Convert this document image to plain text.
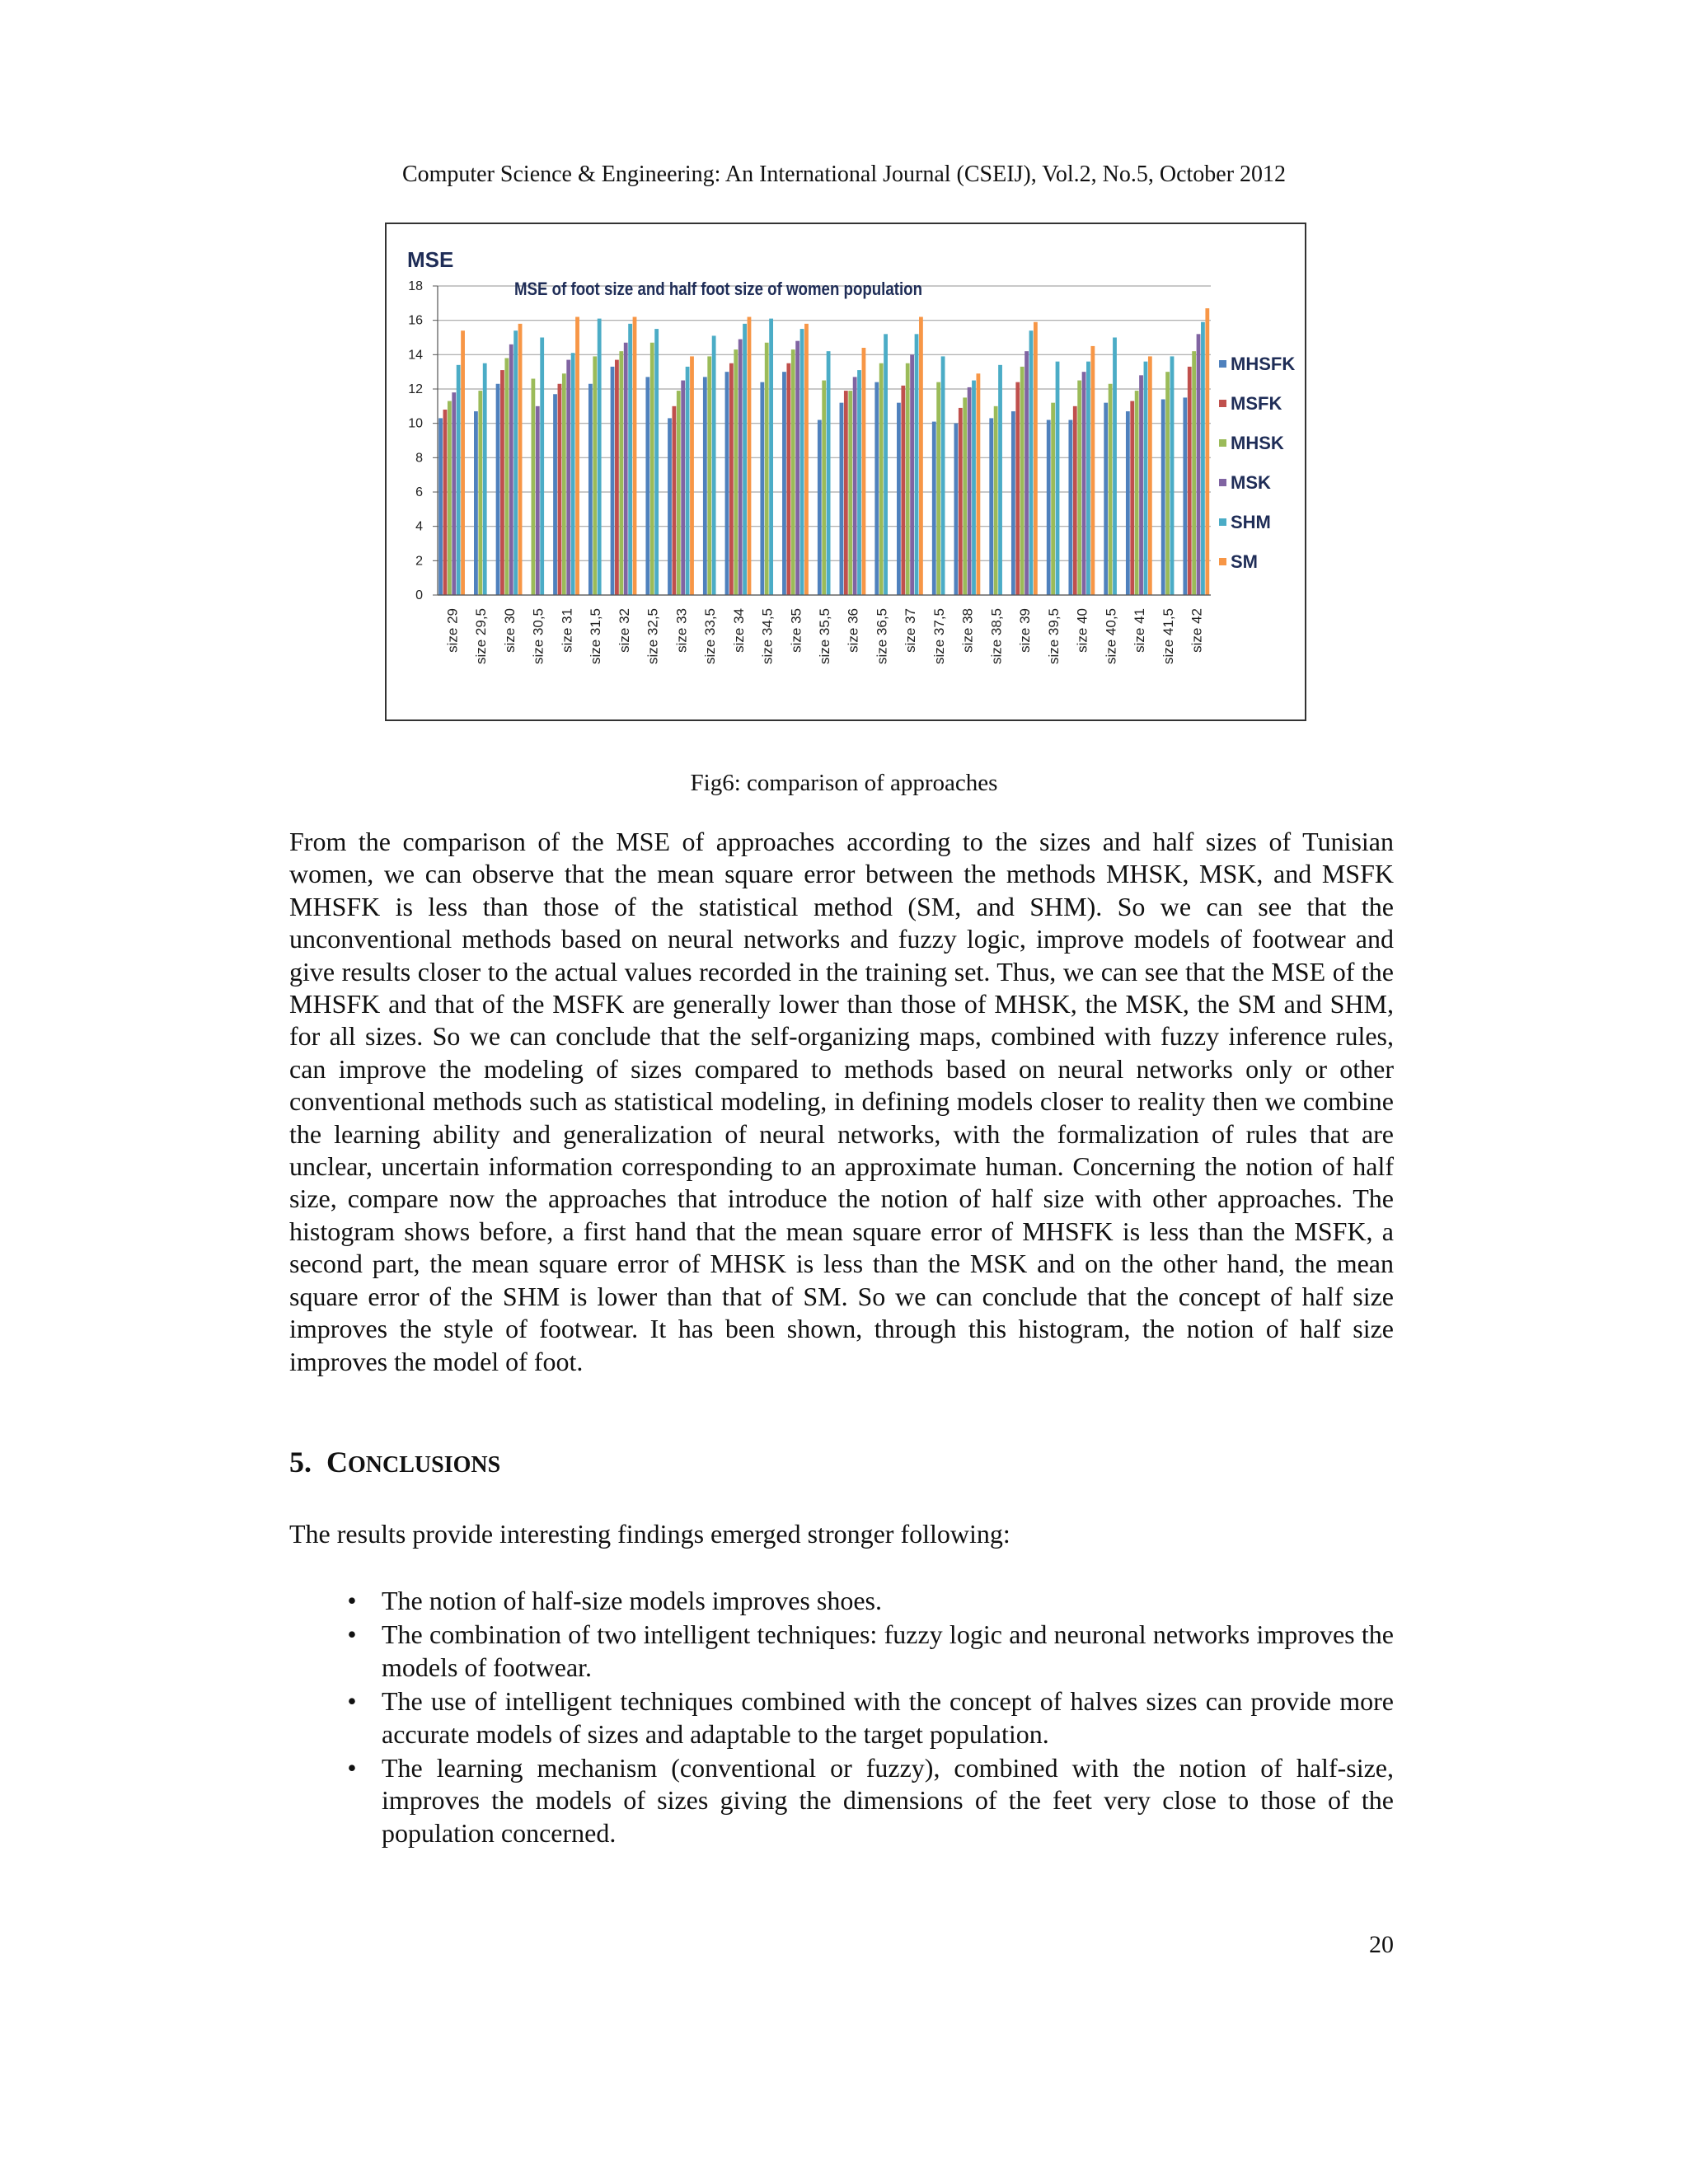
Computer Science & Engineering: An International Journal (CSEIJ), Vol.2, No.5, October 2012
0
2
4
6
8
10
12
14
16
18
size 29 size 29,5 size 30 size 30,5 size 31 size 31,5 size 32 size 32,5 size 33 size 33,5 size 34 size 34,5 size 35 size 35,5 size 36 size 36,5 size 37 size 37,5 size 38 size 38,5 size 39 size 39,5 size 40 size 40,5 size 41 size 41,5 size 42
MSE
MSE of foot size and half foot size of women population
MHSFK
MSFK
MHSK
MSK
SHM
SM
Fig6: comparison of approaches
From the comparison of the MSE of approaches according to the sizes and half sizes of Tunisian women, we can observe that the mean square error between the methods MHSK, MSK, and MSFK MHSFK is less than those of the statistical method (SM, and SHM). So we can see that the unconventional methods based on neural networks and fuzzy logic, improve models of footwear and give results closer to the actual values recorded in the training set. Thus, we can see that the MSE of the MHSFK and that of the MSFK are generally lower than those of MHSK, the MSK, the SM and SHM, for all sizes. So we can conclude that the self-organizing maps, combined with fuzzy inference rules, can improve the modeling of sizes compared to methods based on neural networks only or other conventional methods such as statistical modeling, in defining models closer to reality then we combine the learning ability and generalization of neural networks, with the formalization of rules that are unclear, uncertain information corresponding to an approximate human. Concerning the notion of half size, compare now the approaches that introduce the notion of half size with other approaches. The histogram shows before, a first hand that the mean square error of MHSFK is less than the MSFK, a second part, the mean square error of MHSK is less than the MSK and on the other hand, the mean square error of the SHM is lower than that of SM. So we can conclude that the concept of half size improves the style of footwear. It has been shown, through this histogram, the notion of half size improves the model of foot.
5. CONCLUSIONS
The results provide interesting findings emerged stronger following:
• The notion of half-size models improves shoes.
• The combination of two intelligent techniques: fuzzy logic and neuronal networks improves the models of footwear.
• The use of intelligent techniques combined with the concept of halves sizes can provide more accurate models of sizes and adaptable to the target population.
• The learning mechanism (conventional or fuzzy), combined with the notion of half-size, improves the models of sizes giving the dimensions of the feet very close to those of the population concerned.
20
